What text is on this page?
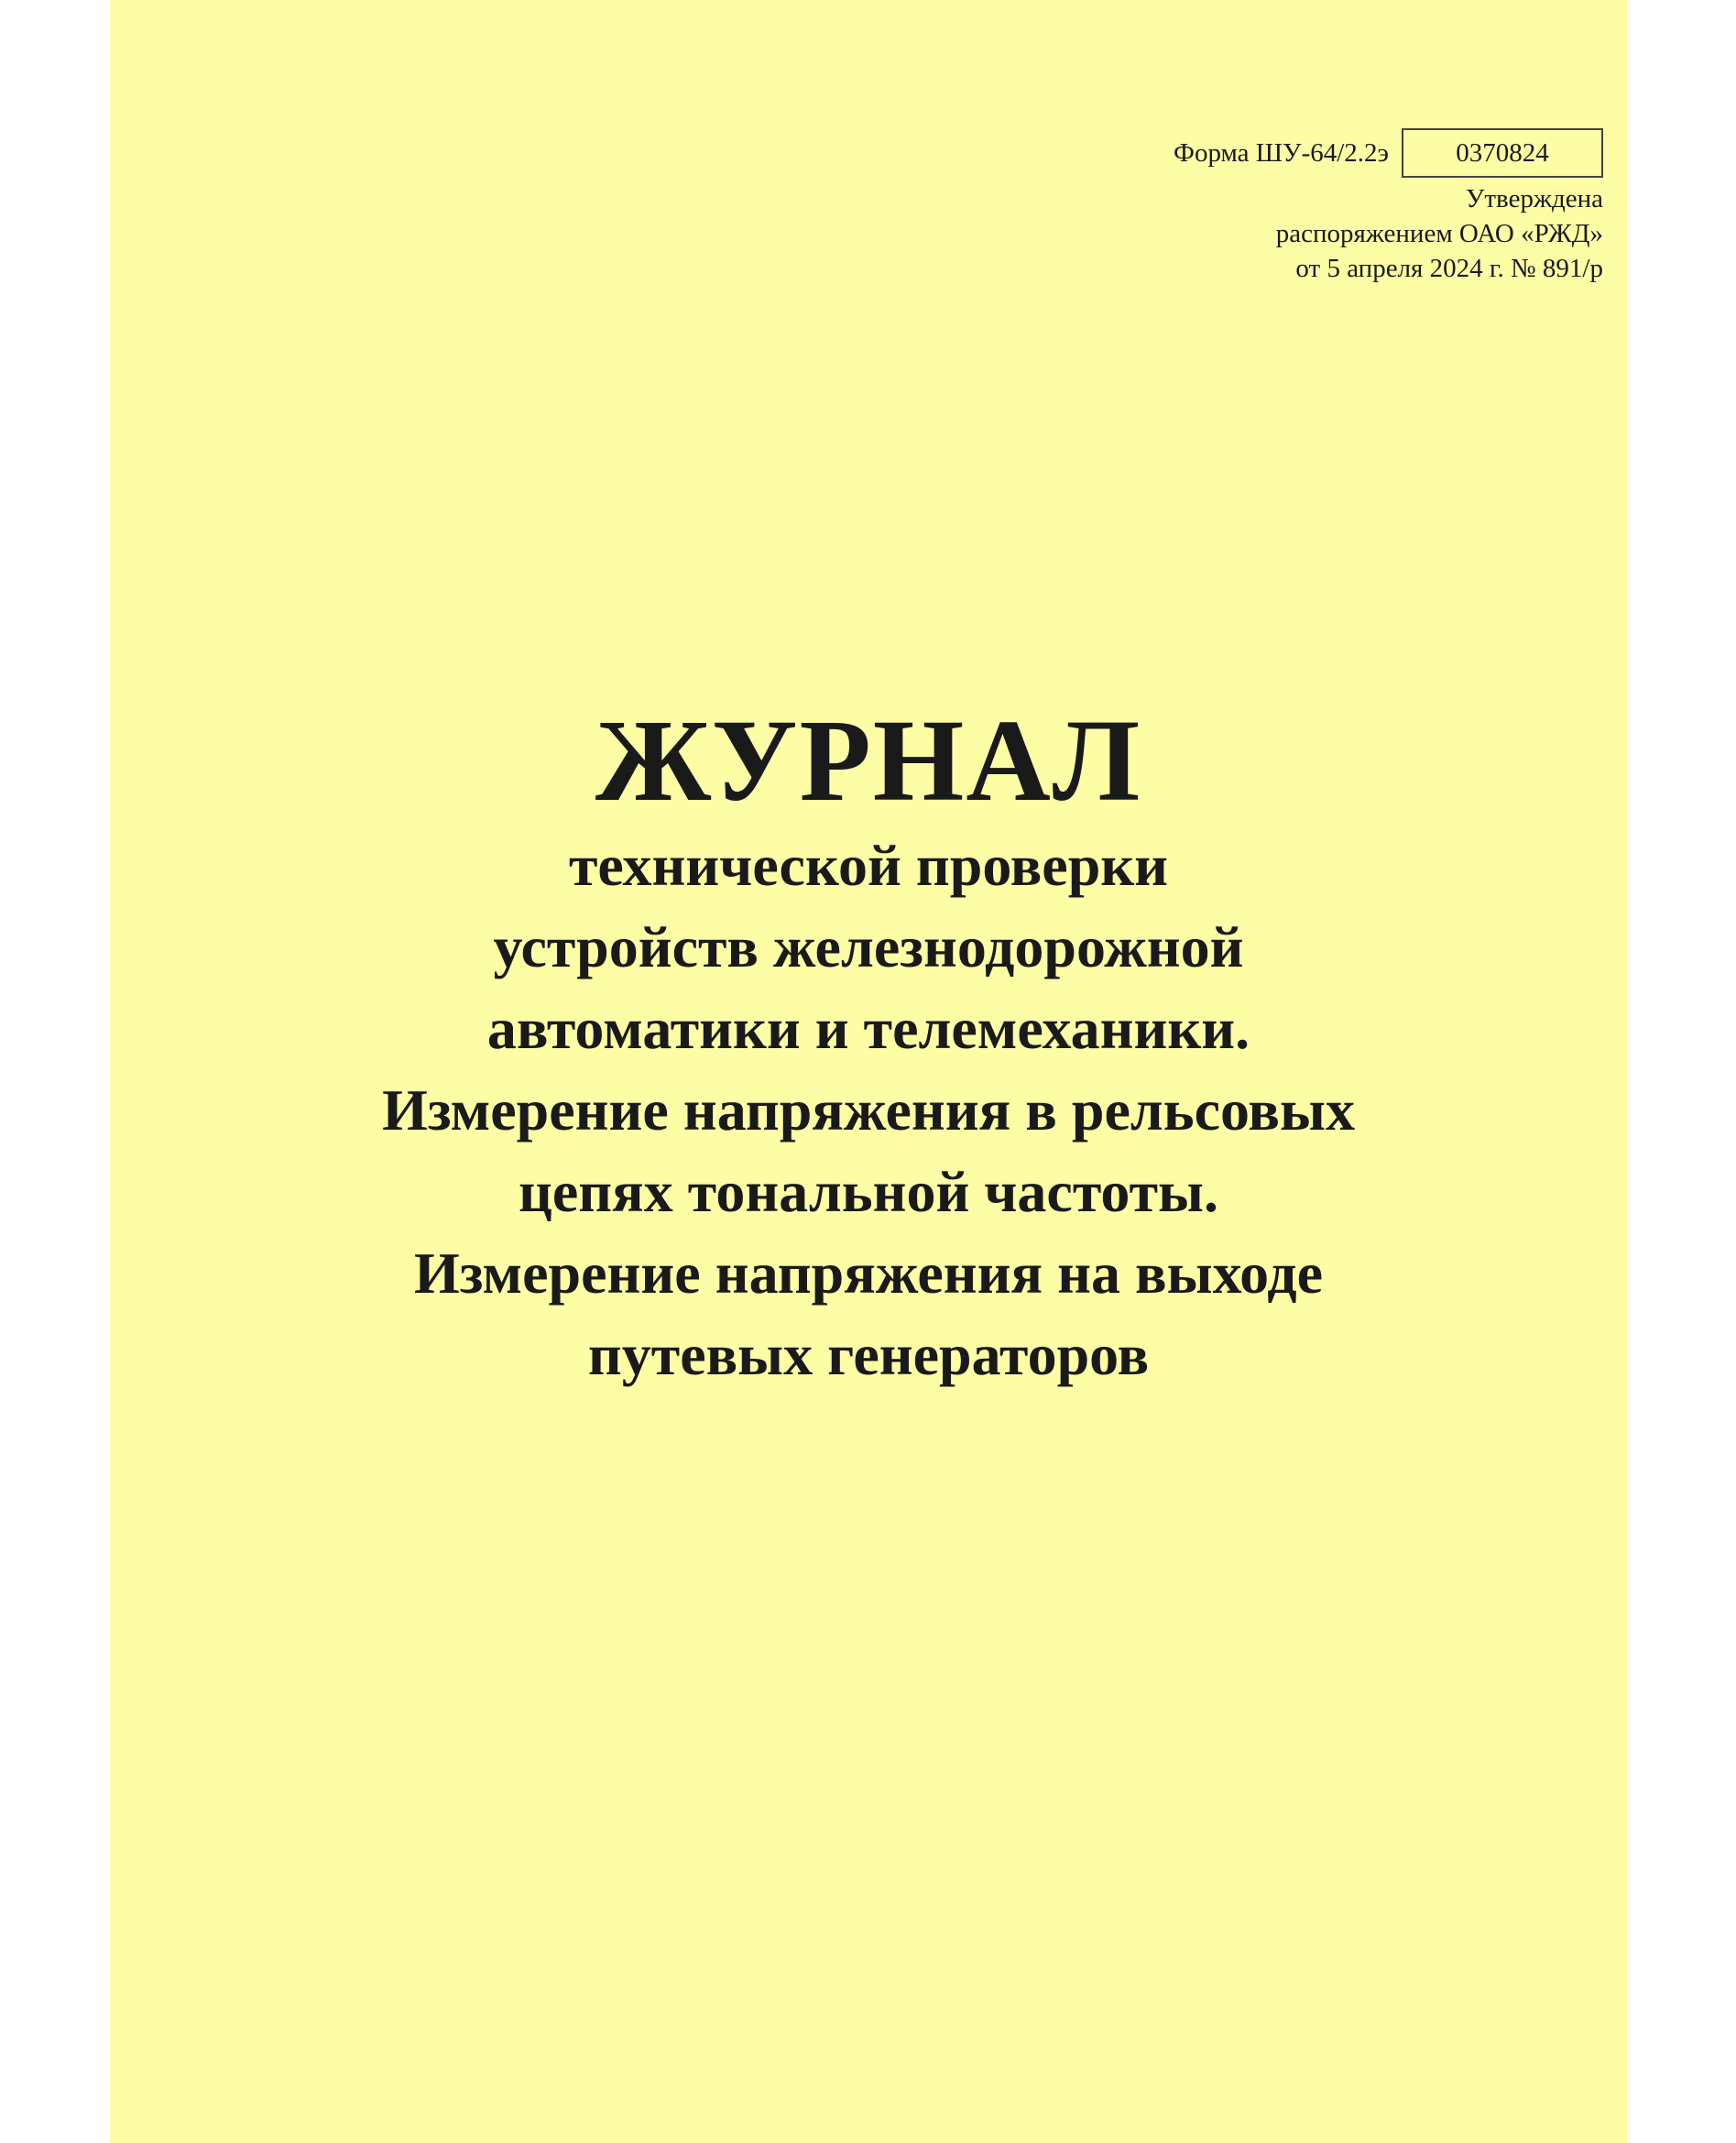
Форма ШУ-64/2.2э	0370824
Утверждена
распоряжением ОАО «РЖД»
от 5 апреля 2024 г. № 891/р
ЖУРНАЛ
технической проверки
устройств железнодорожной
автоматики и телемеханики.
Измерение напряжения в рельсовых
цепях тональной частоты.
Измерение напряжения на выходе
путевых генераторов
